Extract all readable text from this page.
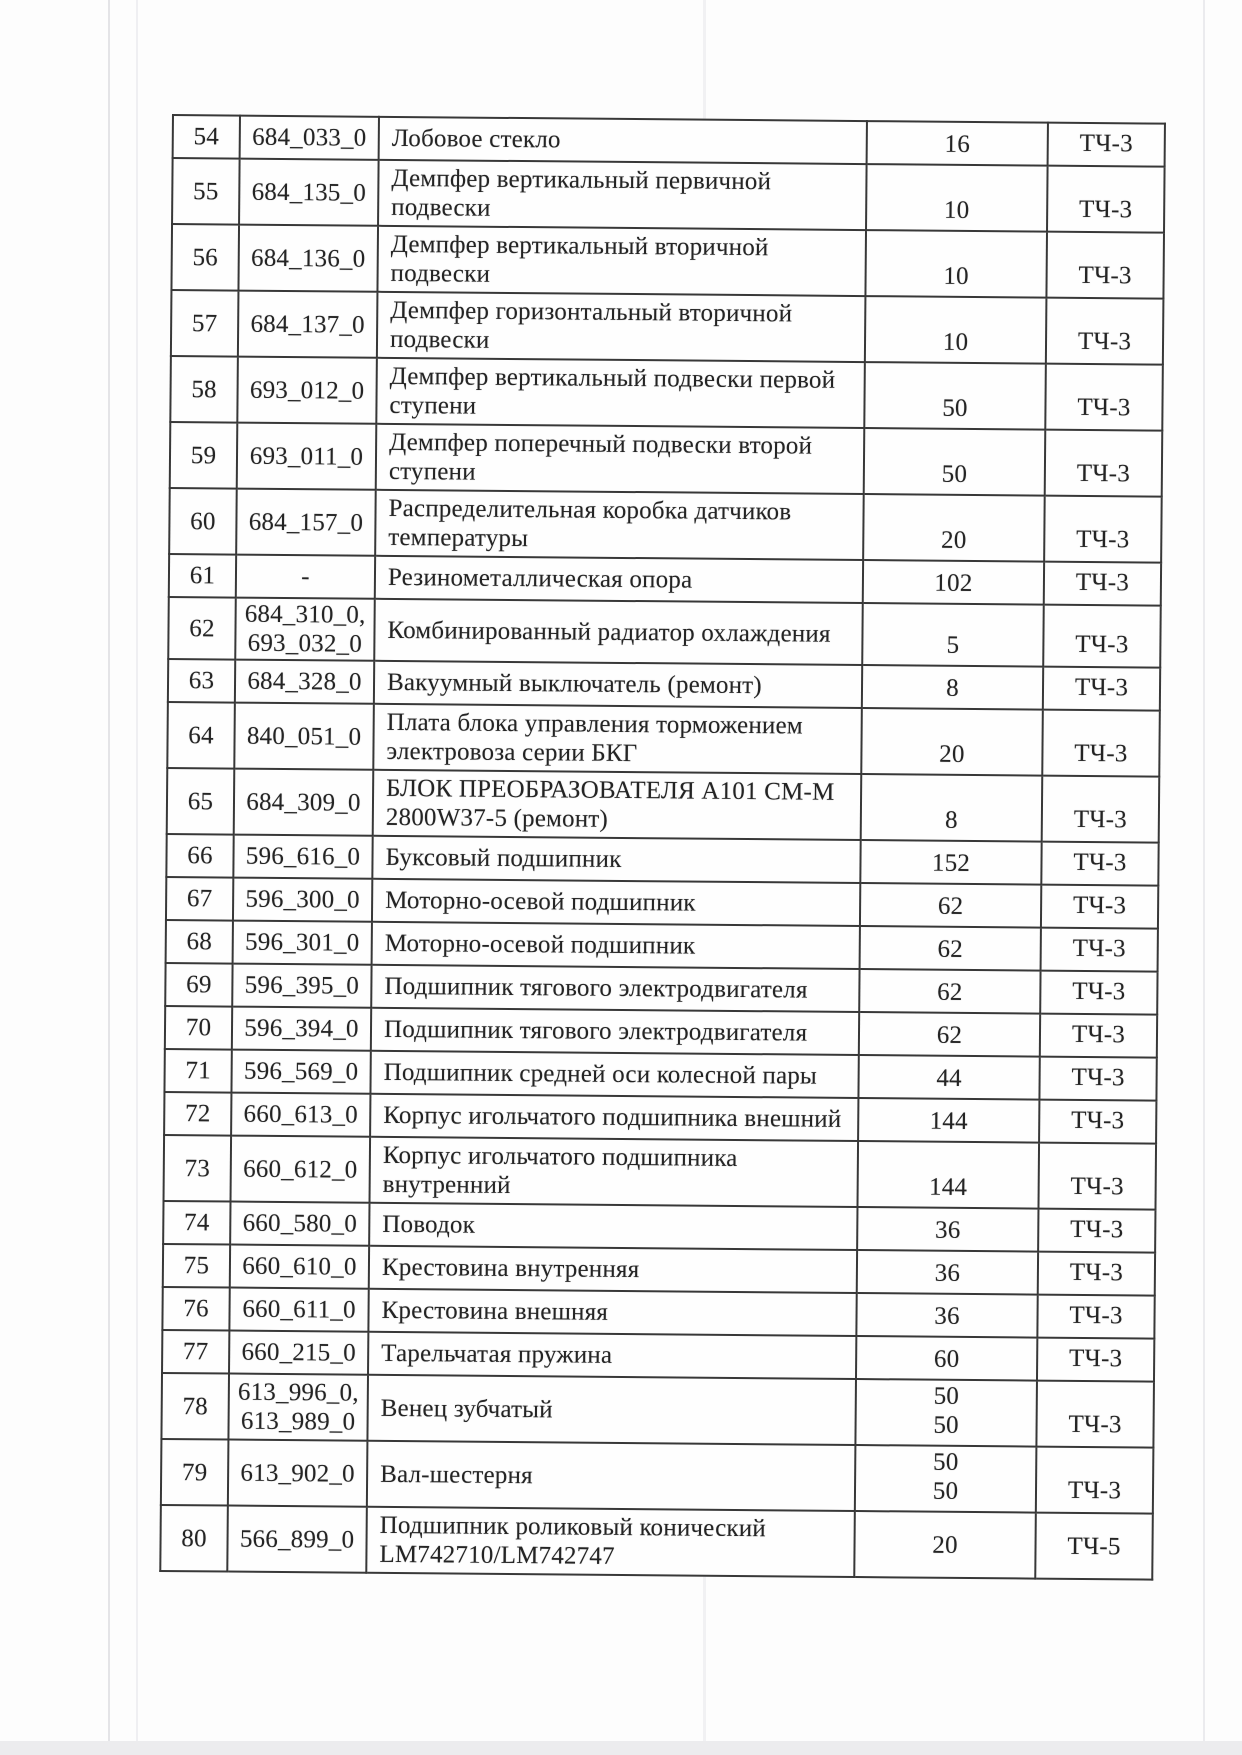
54	684_033_0	Лобовое стекло	16	ТЧ-3
55	684_135_0	Демпфер вертикальный первичной
подвески	10	ТЧ-3
56	684_136_0	Демпфер вертикальный вторичной
подвески	10	ТЧ-3
57	684_137_0	Демпфер горизонтальный вторичной
подвески	10	ТЧ-3
58	693_012_0	Демпфер вертикальный подвески первой
ступени	50	ТЧ-3
59	693_011_0	Демпфер поперечный подвески второй
ступени	50	ТЧ-3
60	684_157_0	Распределительная коробка датчиков
температуры	20	ТЧ-3
61	-	Резинометаллическая опора	102	ТЧ-3
62	684_310_0,
693_032_0	Комбинированный радиатор охлаждения	5	ТЧ-3
63	684_328_0	Вакуумный выключатель (ремонт)	8	ТЧ-3
64	840_051_0	Плата блока управления торможением
электровоза серии БКГ	20	ТЧ-3
65	684_309_0	БЛОК ПРЕОБРАЗОВАТЕЛЯ А101 СМ-М
2800W37-5 (ремонт)	8	ТЧ-3
66	596_616_0	Буксовый подшипник	152	ТЧ-3
67	596_300_0	Моторно-осевой подшипник	62	ТЧ-3
68	596_301_0	Моторно-осевой подшипник	62	ТЧ-3
69	596_395_0	Подшипник тягового электродвигателя	62	ТЧ-3
70	596_394_0	Подшипник тягового электродвигателя	62	ТЧ-3
71	596_569_0	Подшипник средней оси колесной пары	44	ТЧ-3
72	660_613_0	Корпус игольчатого подшипника внешний	144	ТЧ-3
73	660_612_0	Корпус игольчатого подшипника
внутренний	144	ТЧ-3
74	660_580_0	Поводок	36	ТЧ-3
75	660_610_0	Крестовина внутренняя	36	ТЧ-3
76	660_611_0	Крестовина внешняя	36	ТЧ-3
77	660_215_0	Тарельчатая пружина	60	ТЧ-3
78	613_996_0,
613_989_0	Венец зубчатый	50
50	ТЧ-3
79	613_902_0	Вал-шестерня	50
50	ТЧ-3
80	566_899_0	Подшипник роликовый конический
LM742710/LM742747	20	ТЧ-5
